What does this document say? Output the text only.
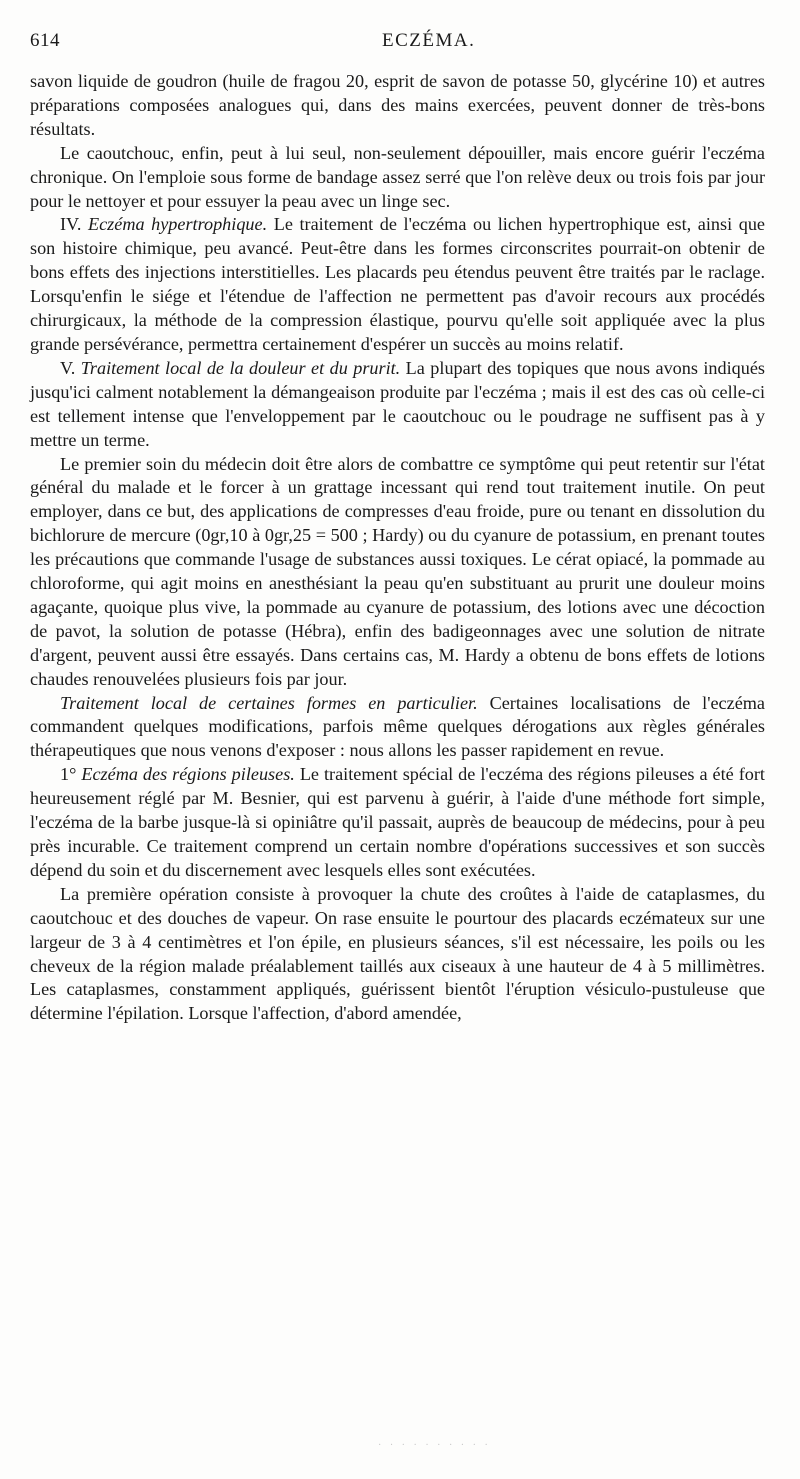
614	ECZÉMA.

savon liquide de goudron (huile de fragou 20, esprit de savon de potasse 50, glycérine 10) et autres préparations composées analogues qui, dans des mains exercées, peuvent donner de très-bons résultats.

Le caoutchouc, enfin, peut à lui seul, non-seulement dépouiller, mais encore guérir l'eczéma chronique. On l'emploie sous forme de bandage assez serré que l'on relève deux ou trois fois par jour pour le nettoyer et pour essuyer la peau avec un linge sec.

IV. Eczéma hypertrophique. Le traitement de l'eczéma ou lichen hypertrophique est, ainsi que son histoire chimique, peu avancé. Peut-être dans les formes circonscrites pourrait-on obtenir de bons effets des injections interstitielles. Les placards peu étendus peuvent être traités par le raclage. Lorsqu'enfin le siége et l'étendue de l'affection ne permettent pas d'avoir recours aux procédés chirurgicaux, la méthode de la compression élastique, pourvu qu'elle soit appliquée avec la plus grande persévérance, permettra certainement d'espérer un succès au moins relatif.

V. Traitement local de la douleur et du prurit. La plupart des topiques que nous avons indiqués jusqu'ici calment notablement la démangeaison produite par l'eczéma ; mais il est des cas où celle-ci est tellement intense que l'enveloppement par le caoutchouc ou le poudrage ne suffisent pas à y mettre un terme.

Le premier soin du médecin doit être alors de combattre ce symptôme qui peut retentir sur l'état général du malade et le forcer à un grattage incessant qui rend tout traitement inutile. On peut employer, dans ce but, des applications de compresses d'eau froide, pure ou tenant en dissolution du bichlorure de mercure (0gr,10 à 0gr,25 = 500 ; Hardy) ou du cyanure de potassium, en prenant toutes les précautions que commande l'usage de substances aussi toxiques. Le cérat opiacé, la pommade au chloroforme, qui agit moins en anesthésiant la peau qu'en substituant au prurit une douleur moins agaçante, quoique plus vive, la pommade au cyanure de potassium, des lotions avec une décoction de pavot, la solution de potasse (Hébra), enfin des badigeonnages avec une solution de nitrate d'argent, peuvent aussi être essayés. Dans certains cas, M. Hardy a obtenu de bons effets de lotions chaudes renouvelées plusieurs fois par jour.

Traitement local de certaines formes en particulier. Certaines localisations de l'eczéma commandent quelques modifications, parfois même quelques dérogations aux règles générales thérapeutiques que nous venons d'exposer : nous allons les passer rapidement en revue.

1° Eczéma des régions pileuses. Le traitement spécial de l'eczéma des régions pileuses a été fort heureusement réglé par M. Besnier, qui est parvenu à guérir, à l'aide d'une méthode fort simple, l'eczéma de la barbe jusque-là si opiniâtre qu'il passait, auprès de beaucoup de médecins, pour à peu près incurable. Ce traitement comprend un certain nombre d'opérations successives et son succès dépend du soin et du discernement avec lesquels elles sont exécutées.

La première opération consiste à provoquer la chute des croûtes à l'aide de cataplasmes, du caoutchouc et des douches de vapeur. On rase ensuite le pourtour des placards eczémateux sur une largeur de 3 à 4 centimètres et l'on épile, en plusieurs séances, s'il est nécessaire, les poils ou les cheveux de la région malade préalablement taillés aux ciseaux à une hauteur de 4 à 5 millimètres. Les cataplasmes, constamment appliqués, guérissent bientôt l'éruption vésiculo-pustuleuse que détermine l'épilation. Lorsque l'affection, d'abord amendée,

· · · · · · · · · ·
